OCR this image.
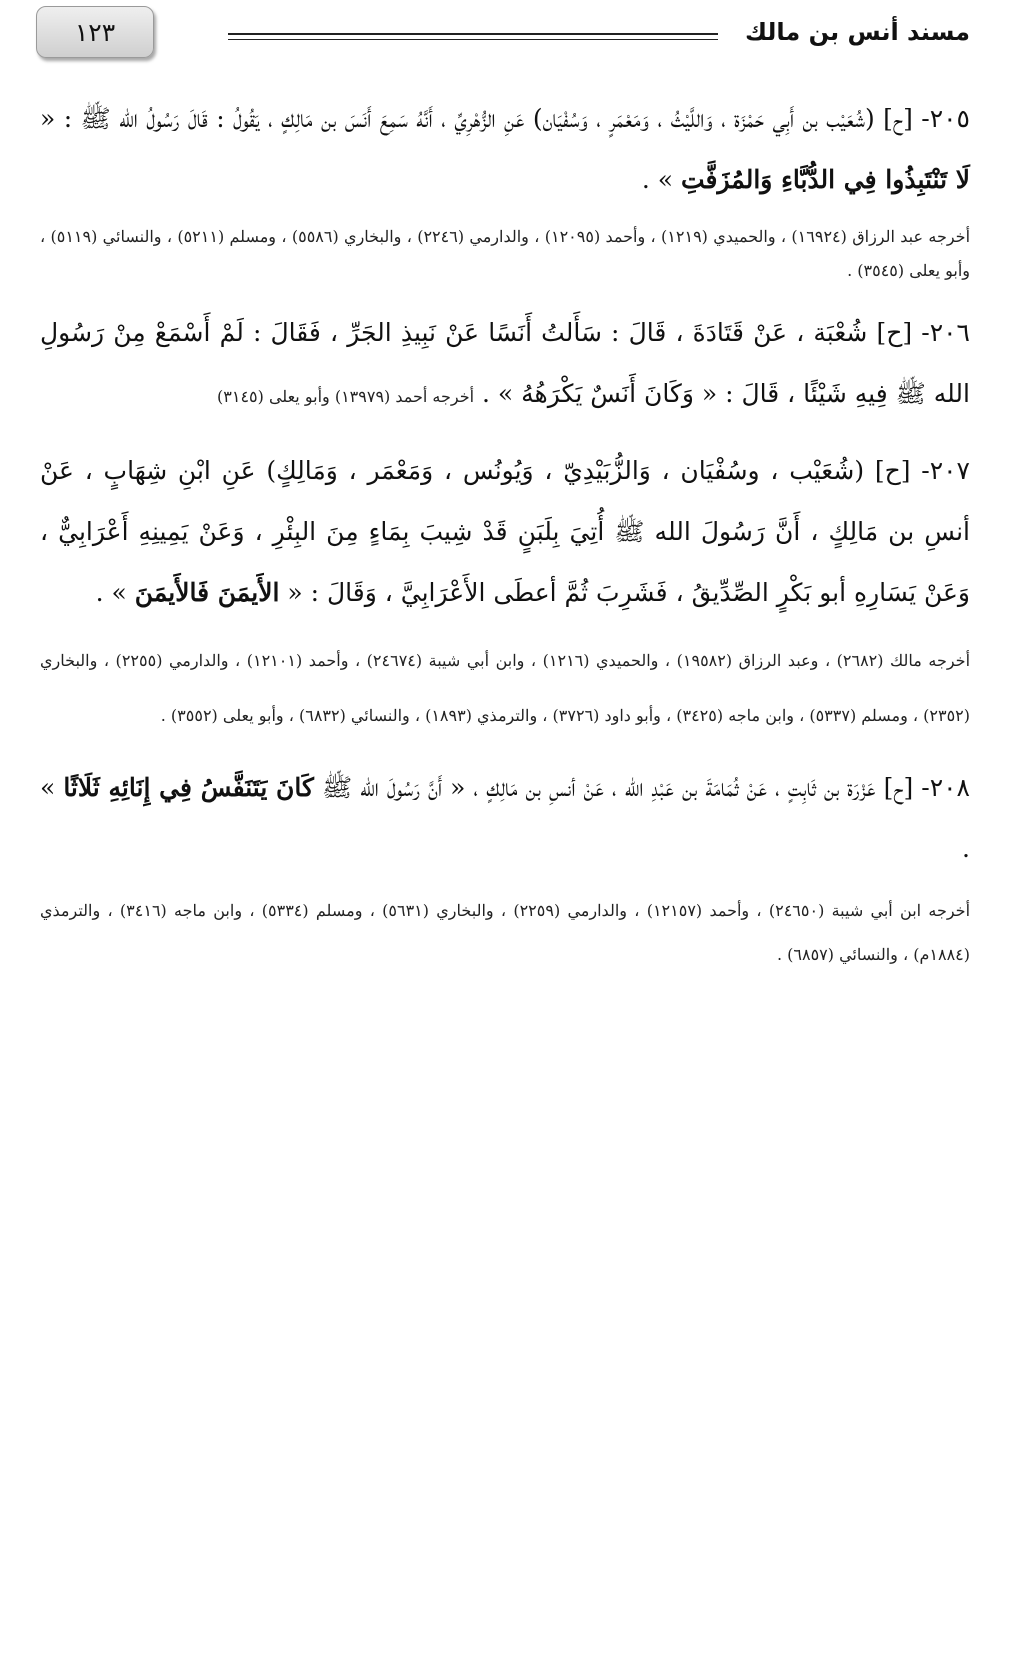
مسند أنس بن مالك
١٢٣

٢٠٥- [ح] (شُعَيْب بن أَبِي حَمْزَة ، وَاللَّيْثُ ، وَمَعْمَرٍ ، وَسُفْيَان) عَنِ الزُّهْرِيِّ ، أَنَّهُ سَمِعَ أَنَسَ بن مَالِكٍ ، يَقُولُ : قَالَ رَسُولُ الله ﷺ : « لَا تَنْتَبِذُوا فِي الدُّبَّاءِ وَالمُزَفَّتِ » .

أخرجه عبد الرزاق (١٦٩٢٤) ، والحميدي (١٢١٩) ، وأحمد (١٢٠٩٥) ، والدارمي (٢٢٤٦) ، والبخاري (٥٥٨٦) ، ومسلم (٥٢١١) ، والنسائي (٥١١٩) ، وأبو يعلى (٣٥٤٥) .

٢٠٦- [ح] شُعْبَة ، عَنْ قَتَادَةَ ، قَالَ : سَأَلتُ أَنَسًا عَنْ نَبِيذِ الجَرِّ ، فَقَالَ : لَمْ أَسْمَعْ مِنْ رَسُولِ الله ﷺ فِيهِ شَيْئًا ، قَالَ : « وَكَانَ أَنَسٌ يَكْرَهُهُ » . أخرجه أحمد (١٣٩٧٩) وأبو يعلى (٣١٤٥)

٢٠٧- [ح] (شُعَيْب ، وسُفْيَان ، وَالزُّبَيْدِيّ ، وَيُونُس ، وَمَعْمَر ، وَمَالِكٍ) عَنِ ابْنِ شِهَابٍ ، عَنْ أنسِ بن مَالِكٍ ، أَنَّ رَسُولَ الله ﷺ أُتِيَ بِلَبَنٍ قَدْ شِيبَ بِمَاءٍ مِنَ البِئْرِ ، وَعَنْ يَمِينِهِ أَعْرَابِيٌّ ، وَعَنْ يَسَارِهِ أبو بَكْرٍ الصِّدِّيقُ ، فَشَرِبَ ثُمَّ أعطَى الأَعْرَابِيَّ ، وَقَالَ : « الأَيمَنَ فَالأَيمَنَ » .

أخرجه مالك (٢٦٨٢) ، وعبد الرزاق (١٩٥٨٢) ، والحميدي (١٢١٦) ، وابن أبي شيبة (٢٤٦٧٤) ، وأحمد (١٢١٠١) ، والدارمي (٢٢٥٥) ، والبخاري (٢٣٥٢) ، ومسلم (٥٣٣٧) ، وابن ماجه (٣٤٢٥) ، وأبو داود (٣٧٢٦) ، والترمذي (١٨٩٣) ، والنسائي (٦٨٣٢) ، وأبو يعلى (٣٥٥٢) .

٢٠٨- [ح] عَزْرَة بن ثَابِتٍ ، عَنْ ثُمَامَةَ بن عَبْدِ الله ، عَنْ أنسِ بن مَالِكٍ ، « أَنَّ رَسُولَ الله ﷺ كَانَ يَتَنَفَّسُ فِي إِنَائِهِ ثَلَاثًا » .

أخرجه ابن أبي شيبة (٢٤٦٥٠) ، وأحمد (١٢١٥٧) ، والدارمي (٢٢٥٩) ، والبخاري (٥٦٣١) ، ومسلم (٥٣٣٤) ، وابن ماجه (٣٤١٦) ، والترمذي (١٨٨٤م) ، والنسائي (٦٨٥٧) .
